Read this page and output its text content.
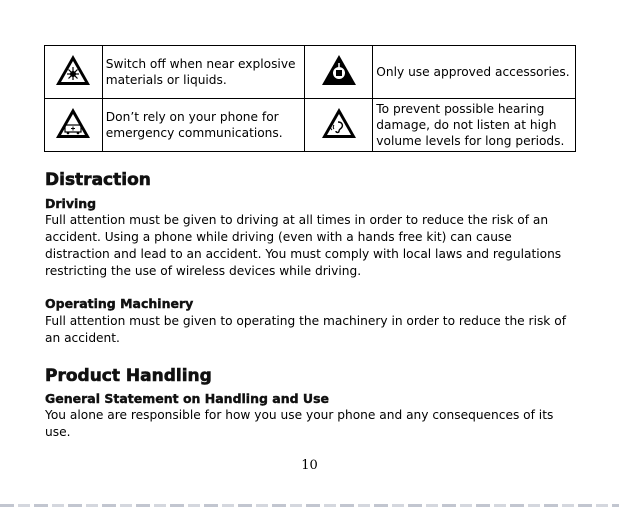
	Switch off when near explosive materials or liquids.		Only use approved accessories.
	Don’t rely on your phone for emergency communications.		To prevent possible hearing damage, do not listen at high volume levels for long periods.
Distraction
Driving

Full attention must be given to driving at all times in order to reduce the risk of an accident. Using a phone while driving (even with a hands free kit) can cause distraction and lead to an accident. You must comply with local laws and regulations restricting the use of wireless devices while driving.

Operating Machinery

Full attention must be given to operating the machinery in order to reduce the risk of an accident.

Product Handling
General Statement on Handling and Use

You alone are responsible for how you use your phone and any consequences of its use.

10
